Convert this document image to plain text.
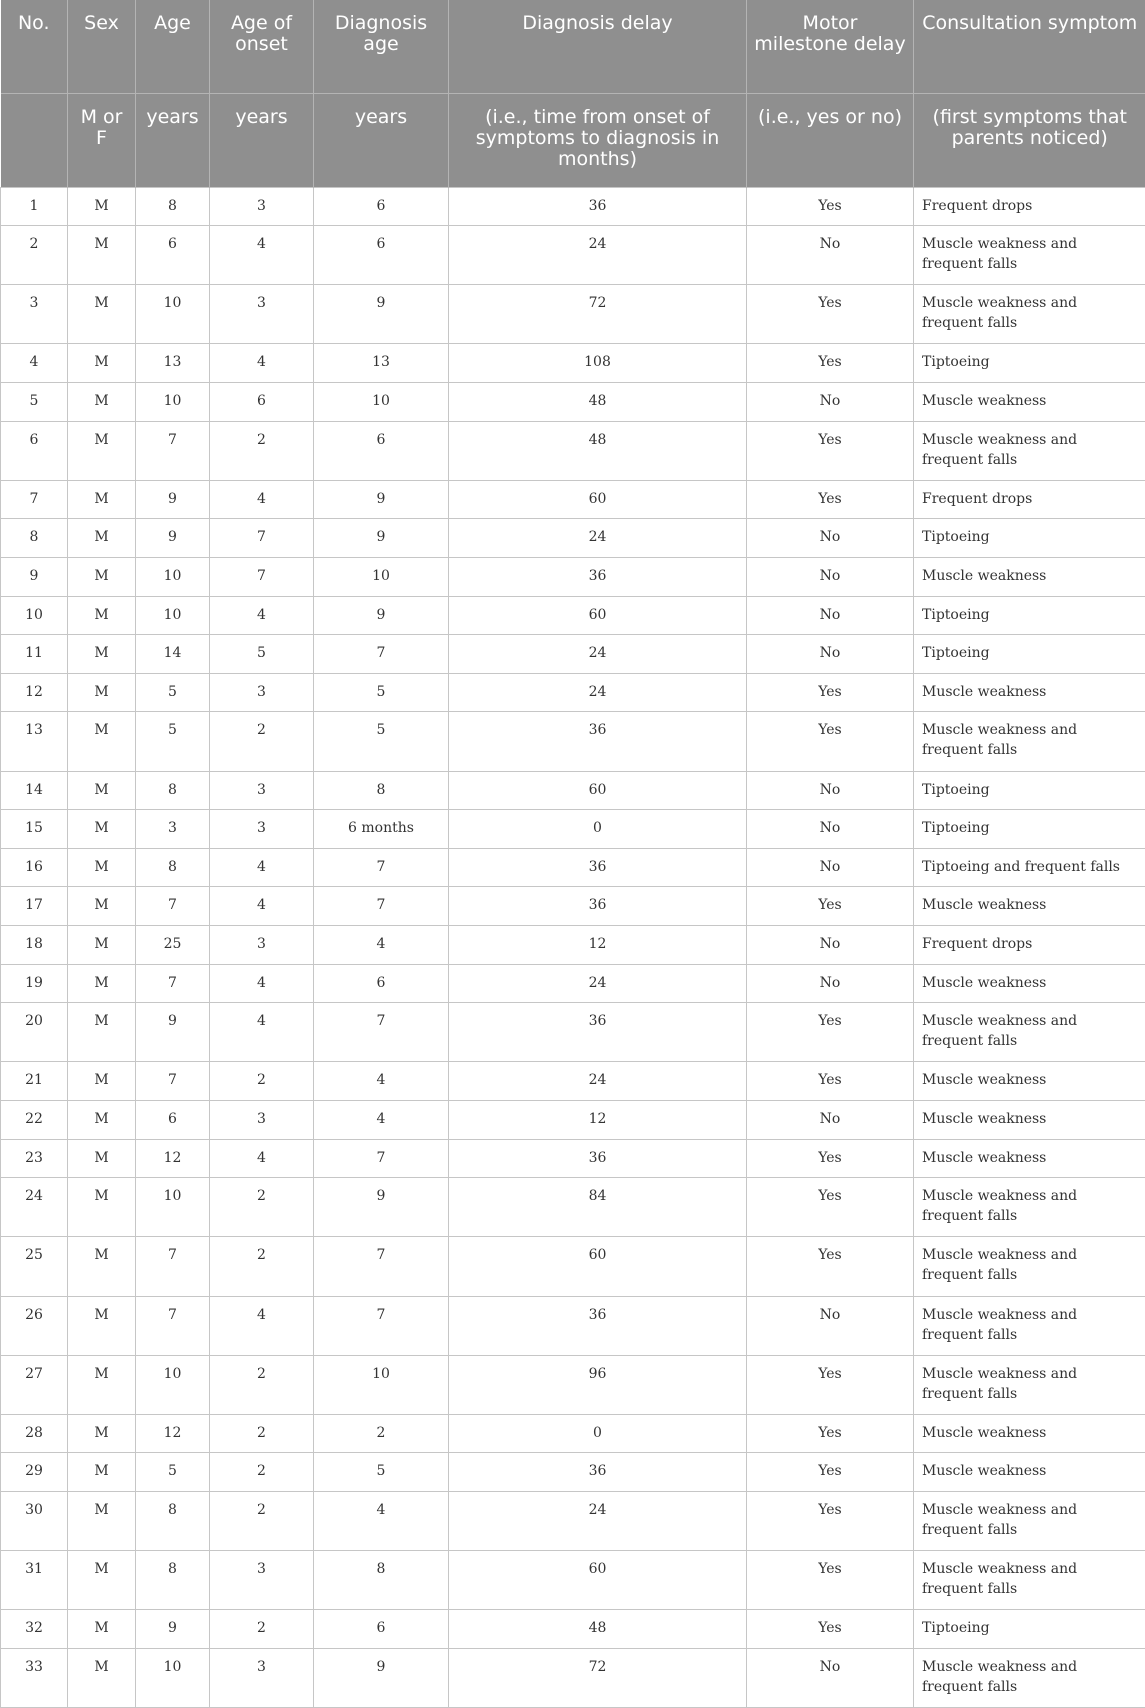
No.	Sex	Age	Age of onset	Diagnosis age	Diagnosis delay	Motor milestone delay	Consultation symptom
	M or F	years	years	years	(i.e., time from onset of symptoms to diagnosis in months)	(i.e., yes or no)	(first symptoms that parents noticed)
1	M	8	3	6	36	Yes	Frequent drops
2	M	6	4	6	24	No	Muscle weakness and frequent falls
3	M	10	3	9	72	Yes	Muscle weakness and frequent falls
4	M	13	4	13	108	Yes	Tiptoeing
5	M	10	6	10	48	No	Muscle weakness
6	M	7	2	6	48	Yes	Muscle weakness and frequent falls
7	M	9	4	9	60	Yes	Frequent drops
8	M	9	7	9	24	No	Tiptoeing
9	M	10	7	10	36	No	Muscle weakness
10	M	10	4	9	60	No	Tiptoeing
11	M	14	5	7	24	No	Tiptoeing
12	M	5	3	5	24	Yes	Muscle weakness
13	M	5	2	5	36	Yes	Muscle weakness and frequent falls
14	M	8	3	8	60	No	Tiptoeing
15	M	3	3	6 months	0	No	Tiptoeing
16	M	8	4	7	36	No	Tiptoeing and frequent falls
17	M	7	4	7	36	Yes	Muscle weakness
18	M	25	3	4	12	No	Frequent drops
19	M	7	4	6	24	No	Muscle weakness
20	M	9	4	7	36	Yes	Muscle weakness and frequent falls
21	M	7	2	4	24	Yes	Muscle weakness
22	M	6	3	4	12	No	Muscle weakness
23	M	12	4	7	36	Yes	Muscle weakness
24	M	10	2	9	84	Yes	Muscle weakness and frequent falls
25	M	7	2	7	60	Yes	Muscle weakness and frequent falls
26	M	7	4	7	36	No	Muscle weakness and frequent falls
27	M	10	2	10	96	Yes	Muscle weakness and frequent falls
28	M	12	2	2	0	Yes	Muscle weakness
29	M	5	2	5	36	Yes	Muscle weakness
30	M	8	2	4	24	Yes	Muscle weakness and frequent falls
31	M	8	3	8	60	Yes	Muscle weakness and frequent falls
32	M	9	2	6	48	Yes	Tiptoeing
33	M	10	3	9	72	No	Muscle weakness and frequent falls
